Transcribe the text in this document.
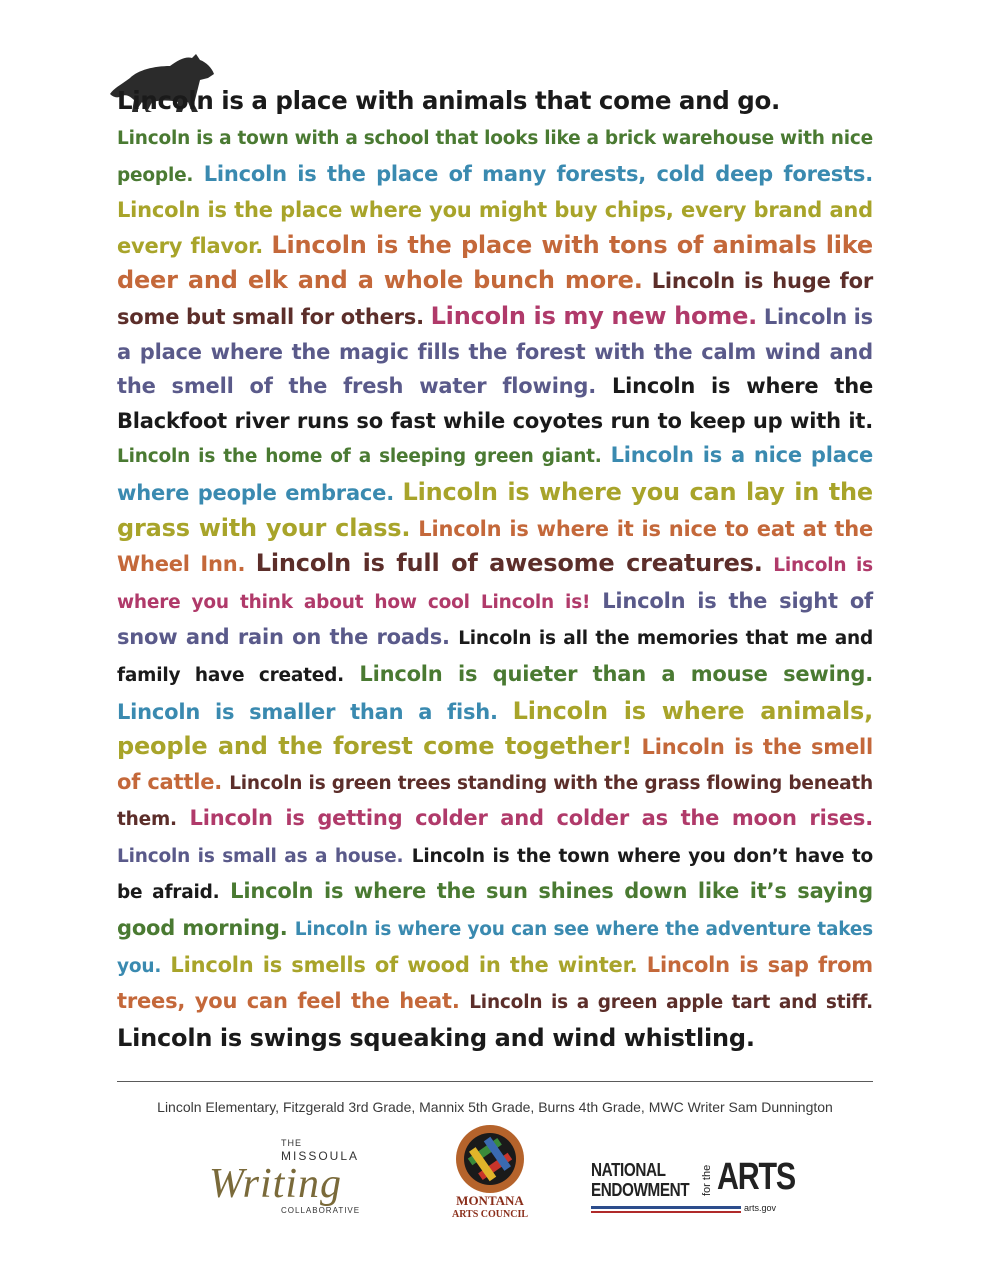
Lincoln is a place with animals that come and go.
Lincoln is a town with a school that looks like a brick warehouse with nice people. Lincoln is the place of many forests, cold deep forests. Lincoln is the place where you might buy chips, every brand and every flavor. Lincoln is the place with tons of animals like deer and elk and a whole bunch more. Lincoln is huge for some but small for others. Lincoln is my new home. Lincoln is a place where the magic fills the forest with the calm wind and the smell of the fresh water flowing. Lincoln is where the Blackfoot river runs so fast while coyotes run to keep up with it. Lincoln is the home of a sleeping green giant. Lincoln is a nice place where people embrace. Lincoln is where you can lay in the grass with your class. Lincoln is where it is nice to eat at the Wheel Inn. Lincoln is full of awesome creatures. Lincoln is where you think about how cool Lincoln is! Lincoln is the sight of snow and rain on the roads. Lincoln is all the memories that me and family have created. Lincoln is quieter than a mouse sewing. Lincoln is smaller than a fish. Lincoln is where animals, people and the forest come together! Lincoln is the smell of cattle. Lincoln is green trees standing with the grass flowing beneath them. Lincoln is getting colder and colder as the moon rises. Lincoln is small as a house. Lincoln is the town where you don’t have to be afraid. Lincoln is where the sun shines down like it’s saying good morning. Lincoln is where you can see where the adventure takes you. Lincoln is smells of wood in the winter. Lincoln is sap from trees, you can feel the heat. Lincoln is a green apple tart and stiff. Lincoln is swings squeaking and wind whistling.
Lincoln Elementary, Fitzgerald 3rd Grade, Mannix 5th Grade, Burns 4th Grade, MWC Writer Sam Dunnington
THE
MISSOULA
Writing
COLLABORATIVE
MONTANA
ARTS COUNCIL
NATIONAL
ENDOWMENT for the ARTS
arts.gov
